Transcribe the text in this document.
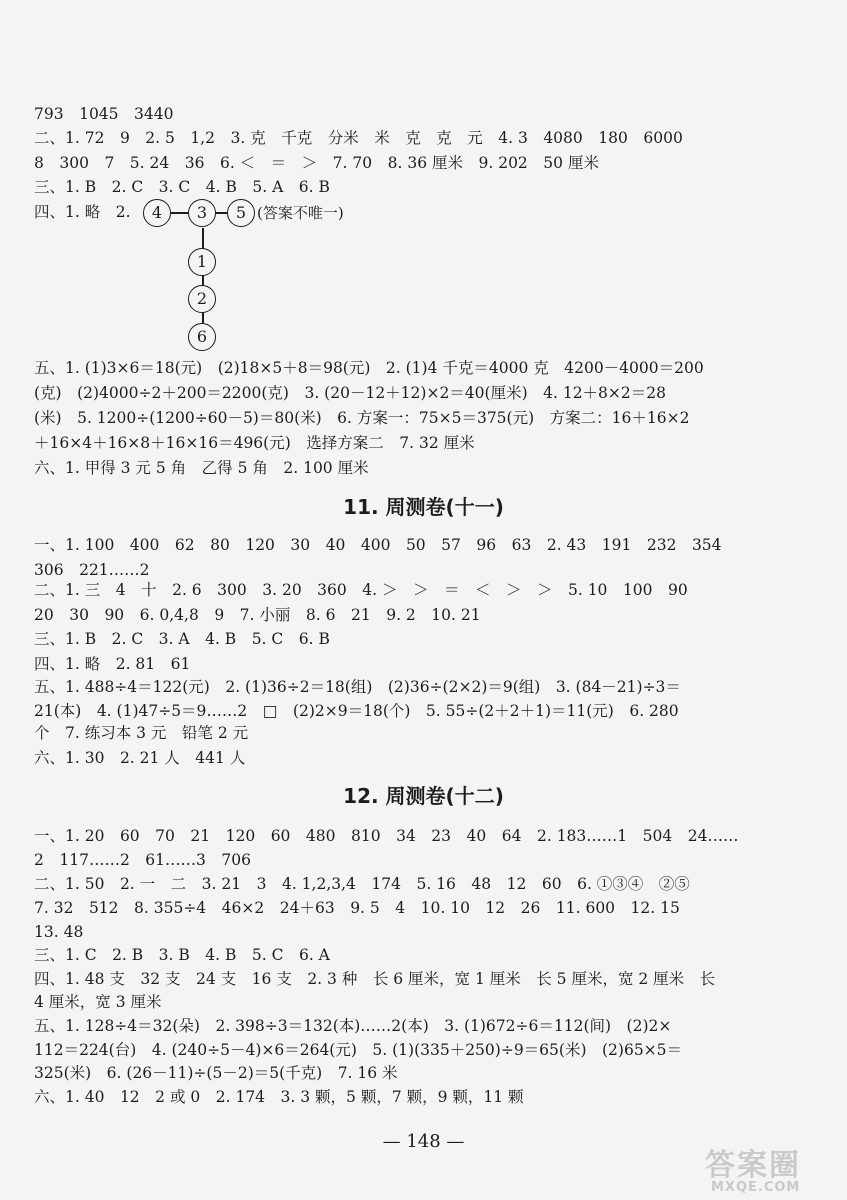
793　1045　3440
二、1. 72　9　2. 5　1,2　3. 克　千克　分米　米　克　克　元　4. 3　4080　180　6000
8　300　7　5. 24　36　6. ＜　＝　＞　7. 70　8. 36 厘米　9. 202　50 厘米
三、1. B　2. C　3. C　4. B　5. A　6. B
四、1. 略　2.	4	3	5
1
2
6
(答案不唯一)
五、1. (1)3×6＝18(元)　(2)18×5＋8＝98(元)　2. (1)4 千克＝4000 克　4200－4000＝200
(克)　(2)4000÷2＋200＝2200(克)　3. (20－12＋12)×2＝40(厘米)　4. 12＋8×2＝28
(米)　5. 1200÷(1200÷60－5)＝80(米)　6. 方案一：75×5＝375(元)　方案二：16＋16×2
＋16×4＋16×8＋16×16＝496(元)　选择方案二　7. 32 厘米
六、1. 甲得 3 元 5 角　乙得 5 角　2. 100 厘米
11. 周测卷(十一)
一、1. 100　400　62　80　120　30　40　400　50　57　96　63　2. 43　191　232　354
306　221……2
二、1. 三　4　十　2. 6　300　3. 20　360　4. ＞　＞　＝　＜　＞　＞　5. 10　100　90
20　30　90　6. 0,4,8　9　7. 小丽　8. 6　21　9. 2　10. 21
三、1. B　2. C　3. A　4. B　5. C　6. B
四、1. 略　2. 81　61
五、1. 488÷4＝122(元)　2. (1)36÷2＝18(组)　(2)36÷(2×2)＝9(组)　3. (84－21)÷3＝
21(本)　4. (1)47÷5＝9……2　□　(2)2×9＝18(个)　5. 55÷(2＋2＋1)＝11(元)　6. 280
个　7. 练习本 3 元　铅笔 2 元
六、1. 30　2. 21 人　441 人
12. 周测卷(十二)
一、1. 20　60　70　21　120　60　480　810　34　23　40　64　2. 183……1　504　24……
2　117……2　61……3　706
二、1. 50　2. 一　二　3. 21　3　4. 1,2,3,4　174　5. 16　48　12　60　6. ①③④　②⑤
7. 32　512　8. 355÷4　46×2　24＋63　9. 5　4　10. 10　12　26　11. 600　12. 15
13. 48
三、1. C　2. B　3. B　4. B　5. C　6. A
四、1. 48 支　32 支　24 支　16 支　2. 3 种　长 6 厘米，宽 1 厘米　长 5 厘米，宽 2 厘米　长
4 厘米，宽 3 厘米
五、1. 128÷4＝32(朵)　2. 398÷3＝132(本)……2(本)　3. (1)672÷6＝112(间)　(2)2×
112＝224(台)　4. (240÷5－4)×6＝264(元)　5. (1)(335＋250)÷9＝65(米)　(2)65×5＝
325(米)　6. (26－11)÷(5－2)＝5(千克)　7. 16 米
六、1. 40　12　2 或 0　2. 174　3. 3 颗，5 颗，7 颗，9 颗，11 颗
— 148 —
答案圈
MXQE.COM
